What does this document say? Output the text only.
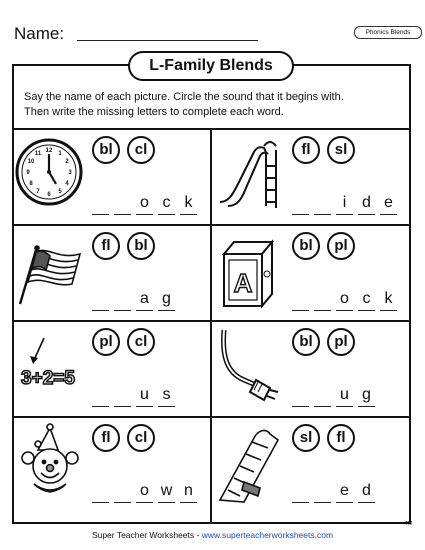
Name:	Phonics Blends
L-Family Blends
Say the name of each picture. Circle the sound that it begins with.
Then write the missing letters to complete each word.
12 1
2
3
4
5
6
7
8
9
10
11	bl	cl
o c k
fl	sl
i d e
fl	bl
a g
A
bl	pl
o c k
3+2=5
pl	cl
u s
bl	pl
u g
fl	cl
o w n
sl	fl
e d
Super Teacher Worksheets - www.superteacherworksheets.com
TM
